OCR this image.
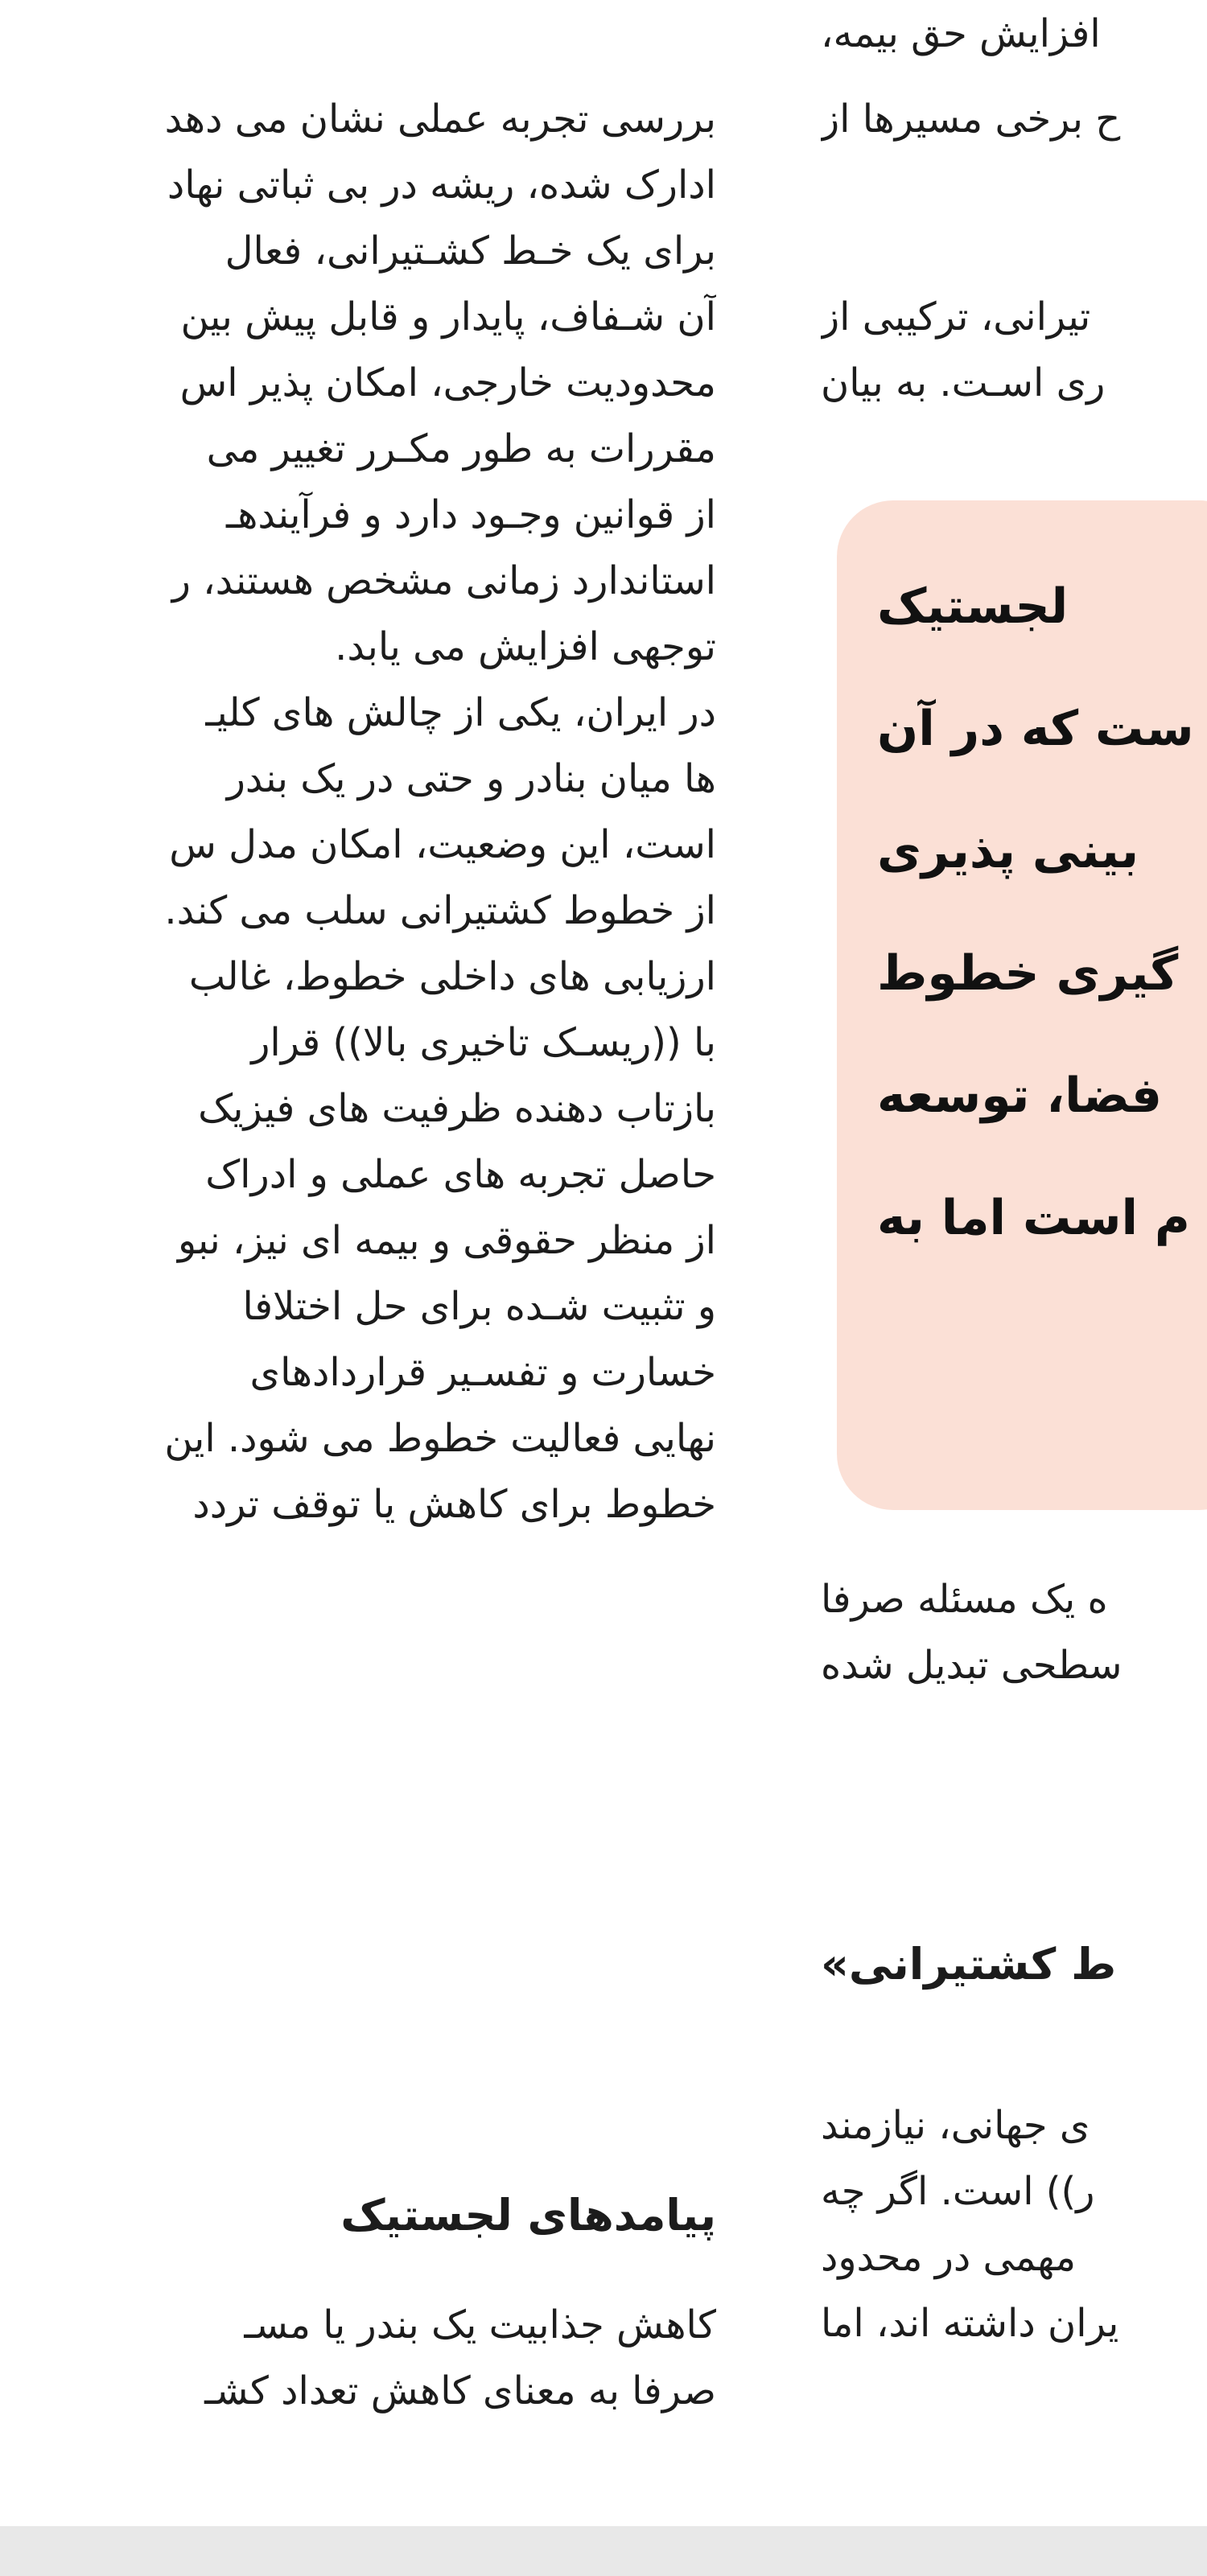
بررسی تجربه عملی نشان می دهد
ادارک شده، ریشه در بی ثباتی نهاد
برای یک خـط کشـتیرانی، فعال
آن شـفاف، پایدار و قابل پیش بین
محدودیت خارجی، امکان پذیر اس
مقررات به طور مکـرر تغییر می
از قوانین وجـود دارد و فرآیندهـ
استاندارد زمانی مشخص هستند، ر
توجهی افزایش می یابد.
در ایران، یکی از چالش های کلیـ
ها میان بنادر و حتی در یک بندر
است، این وضعیت، امکان مدل س
از خطوط کشتیرانی سلب می کند.
ارزیابی های داخلی خطوط، غالب
با ((ریسـک تاخیری بالا)) قرار
بازتاب دهنده ظرفیت های فیزیک
حاصل تجربه های عملی و ادراک
از منظر حقوقی و بیمه ای نیز، نبو
و تثبیت شـده برای حل اختلافا
خسارت و تفسـیر قراردادهای
نهایی فعالیت خطوط می شود. این
خطوط برای کاهش یا توقف تردد
پیامدهای لجستیک
کاهش جذابیت یک بندر یا مسـ
صرفا به معنای کاهش تعداد کشـ
افزایش حق بیمه،
ح برخی مسیرها از
تیرانی، ترکیبی از
ری اسـت. به بیان
ه یک مسئله صرفا
سطحی تبدیل شده
ط کشتیرانی»
ی جهانی، نیازمند
ر)) است. اگر چه
مهمی در محدود
یران داشته اند، اما
لجستیک
ست که در آن
بینی پذیری
گیری خطوط
فضا، توسعه
م است اما به
